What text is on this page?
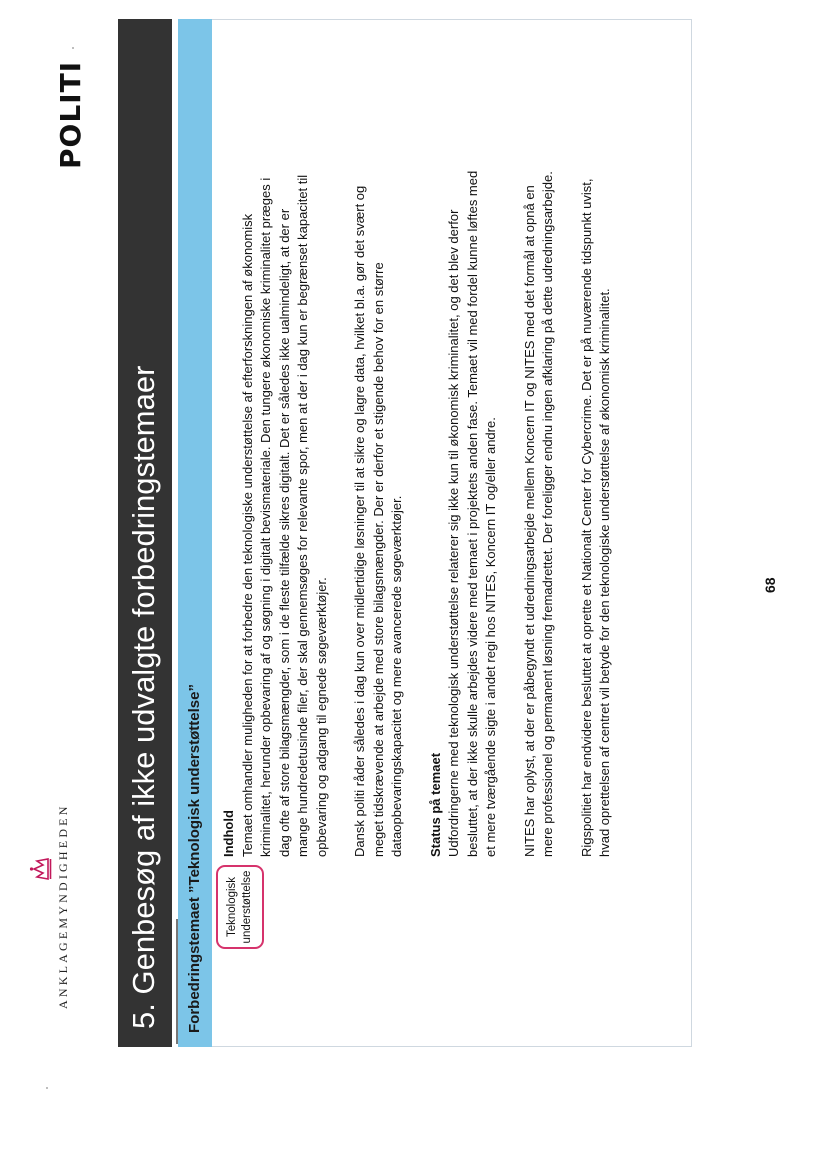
ANKLAGEMYNDIGHEDEN
POLITI
5. Genbesøg af ikke udvalgte forbedringstemaer Forbedringstemaet ”Teknologisk understøttelse” Teknologisk understøttelse
Indhold Temaet omhandler muligheden for at forbedre den teknologiske understøttelse af efterforskningen af økonomisk kriminalitet, herunder opbevaring af og søgning i digitalt bevismateriale. Den tungere økonomiske kriminalitet præges i dag ofte af store bilagsmængder, som i de fleste tilfælde sikres digitalt. Det er således ikke ualmindeligt, at der er mange hundredetusinde filer, der skal gennemsøges for relevante spor, men at der i dag kun er begrænset kapacitet til opbevaring og adgang til egnede søgeværktøjer. Dansk politi råder således i dag kun over midlertidige løsninger til at sikre og lagre data, hvilket bl.a. gør det svært og meget tidskrævende at arbejde med store bilagsmængder. Der er derfor et stigende behov for en større dataopbevaringskapacitet og mere avancerede søgeværktøjer. Status på temaet Udfordringerne med teknologisk understøttelse relaterer sig ikke kun til økonomisk kriminalitet, og det blev derfor besluttet, at der ikke skulle arbejdes videre med temaet i projektets anden fase. Temaet vil med fordel kunne løftes med et mere tværgående sigte i andet regi hos NITES, Koncern IT og/eller andre. NITES har oplyst, at der er påbegyndt et udredningsarbejde mellem Koncern IT og NITES med det formål at opnå en mere professionel og permanent løsning fremadrettet. Der foreligger endnu ingen afklaring på dette udredningsarbejde. Rigspolitiet har endvidere besluttet at oprette et Nationalt Center for Cybercrime. Det er på nuværende tidspunkt uvist, hvad oprettelsen af centret vil betyde for den teknologiske understøttelse af økonomisk kriminalitet.	68
